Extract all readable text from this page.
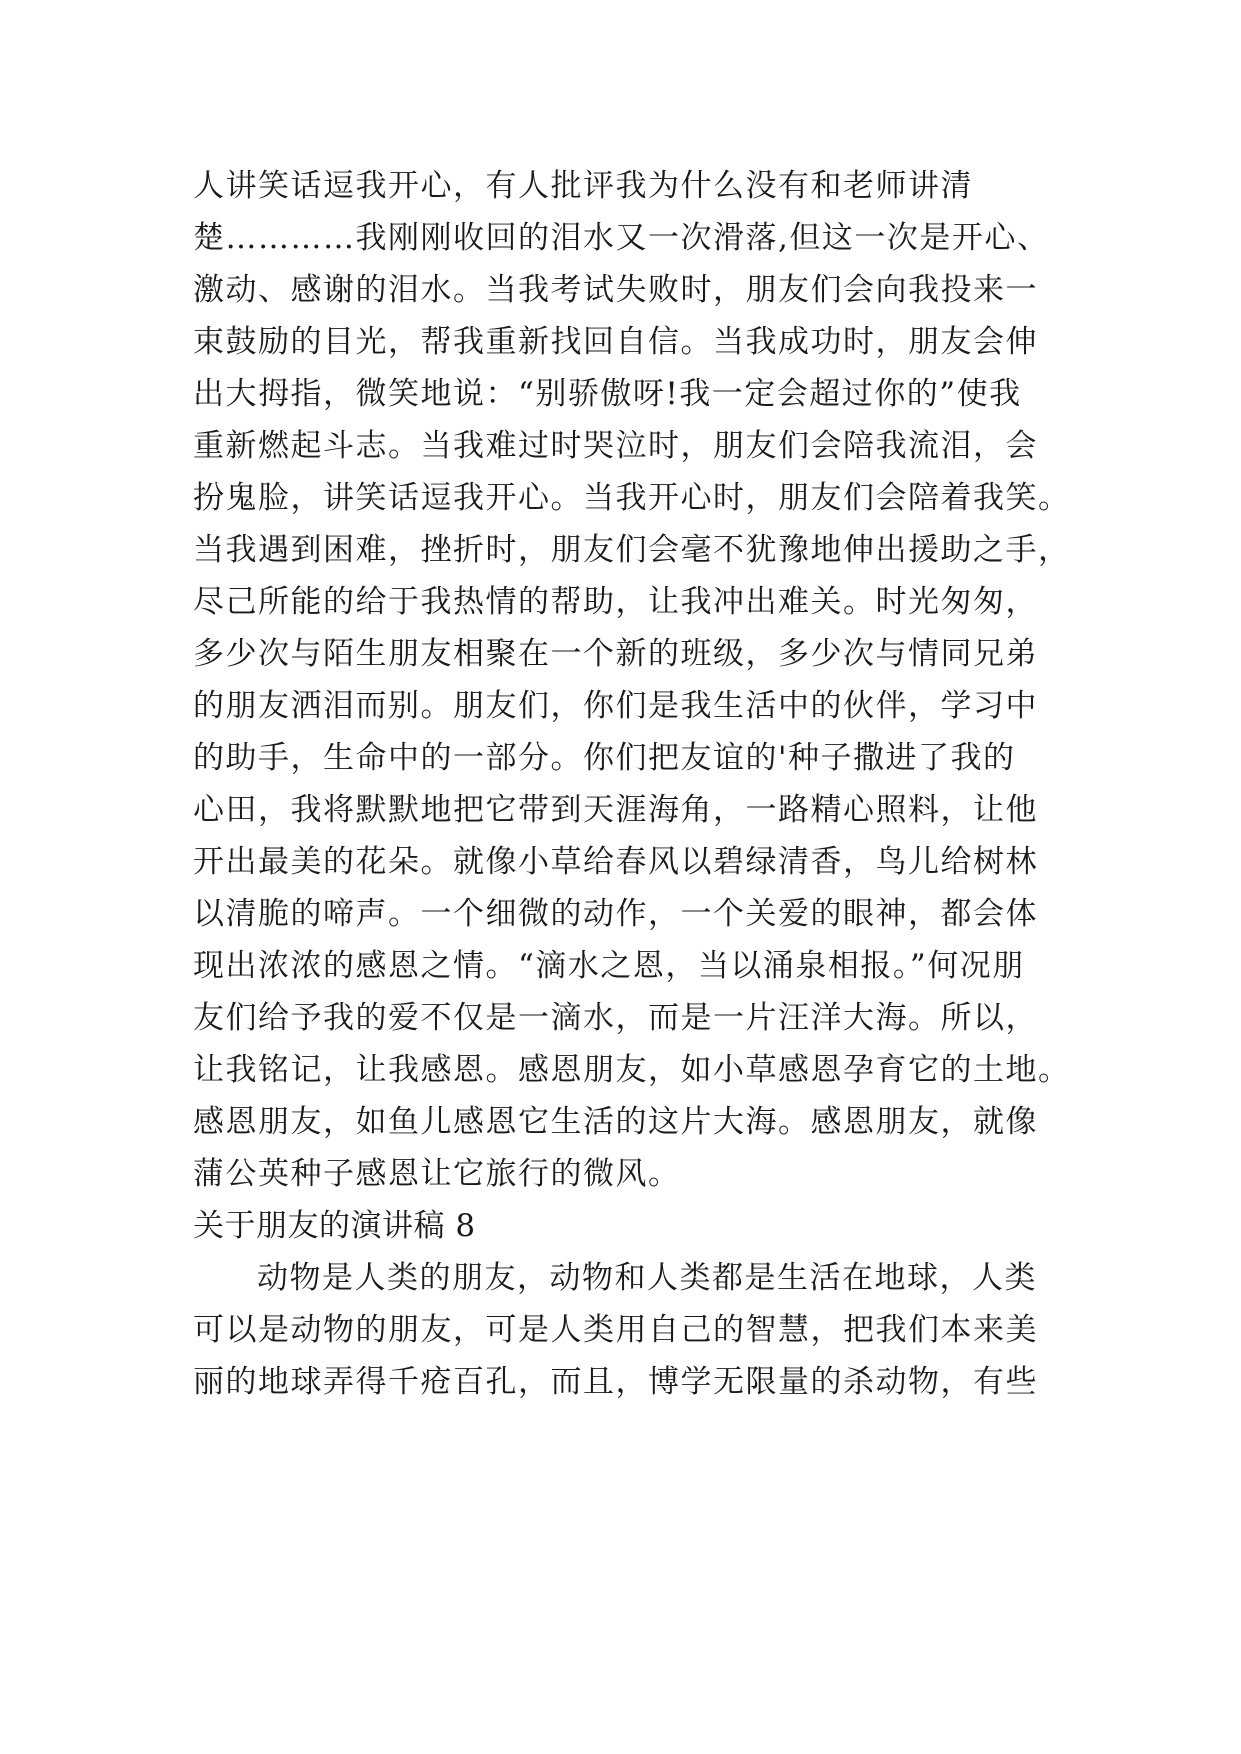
人讲笑话逗我开心，有人批评我为什么没有和老师讲清
楚…………我刚刚收回的泪水又一次滑落,但这一次是开心、
激动、感谢的泪水。当我考试失败时，朋友们会向我投来一
束鼓励的目光，帮我重新找回自信。当我成功时，朋友会伸
出大拇指，微笑地说：“别骄傲呀!我一定会超过你的”使我
重新燃起斗志。当我难过时哭泣时，朋友们会陪我流泪，会
扮鬼脸，讲笑话逗我开心。当我开心时，朋友们会陪着我笑。
当我遇到困难，挫折时，朋友们会毫不犹豫地伸出援助之手，
尽己所能的给于我热情的帮助，让我冲出难关。时光匆匆，
多少次与陌生朋友相聚在一个新的班级，多少次与情同兄弟
的朋友洒泪而别。朋友们，你们是我生活中的伙伴，学习中
的助手，生命中的一部分。你们把友谊的'种子撒进了我的
心田，我将默默地把它带到天涯海角，一路精心照料，让他
开出最美的花朵。就像小草给春风以碧绿清香，鸟儿给树林
以清脆的啼声。一个细微的动作，一个关爱的眼神，都会体
现出浓浓的感恩之情。“滴水之恩，当以涌泉相报。”何况朋
友们给予我的爱不仅是一滴水，而是一片汪洋大海。所以，
让我铭记，让我感恩。感恩朋友，如小草感恩孕育它的土地。
感恩朋友，如鱼儿感恩它生活的这片大海。感恩朋友，就像
蒲公英种子感恩让它旅行的微风。
关于朋友的演讲稿 8
动物是人类的朋友，动物和人类都是生活在地球，人类
可以是动物的朋友，可是人类用自己的智慧，把我们本来美
丽的地球弄得千疮百孔，而且，博学无限量的杀动物，有些
